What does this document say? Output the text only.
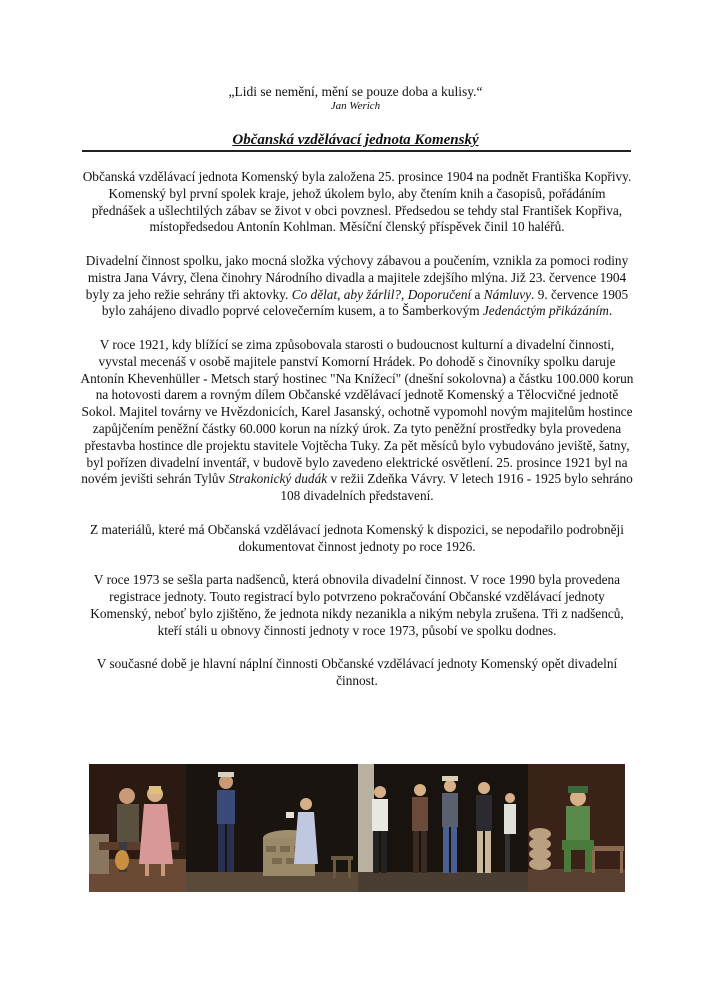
„Lidi se nemění, mění se pouze doba a kulisy.“
Jan Werich
Občanská vzdělávací jednota Komenský

Občanská vzdělávací jednota Komenský byla založena 25. prosince 1904 na podnět Františka Kopřivy. Komenský byl první spolek kraje, jehož úkolem bylo, aby čtením knih a časopisů, pořádáním přednášek a ušlechtilých zábav se život v obci povznesl. Předsedou se tehdy stal František Kopřiva, místopředsedou Antonín Kohlman. Měsíční členský příspěvek činil 10 haléřů.

Divadelní činnost spolku, jako mocná složka výchovy zábavou a poučením, vznikla za pomoci rodiny mistra Jana Vávry, člena činohry Národního divadla a majitele zdejšího mlýna. Již 23. července 1904 byly za jeho režie sehrány tři aktovky. Co dělat, aby žárlil?, Doporučení a Námluvy. 9. července 1905 bylo zahájeno divadlo poprvé celovečerním kusem, a to Šamberkovým Jedenáctým přikázáním.

V roce 1921, kdy blížící se zima způsobovala starosti o budoucnost kulturní a divadelní činnosti, vyvstal mecenáš v osobě majitele panství Komorní Hrádek. Po dohodě s činovníky spolku daruje Antonín Khevenhüller - Metsch starý hostinec "Na Knížecí" (dnešní sokolovna) a částku 100.000 korun na hotovosti darem a rovným dílem Občanské vzdělávací jednotě Komenský a Tělocvičné jednotě Sokol. Majitel továrny ve Hvězdonicích, Karel Jasanský, ochotně vypomohl novým majitelům hostince zapůjčením peněžní částky 60.000 korun na nízký úrok. Za tyto peněžní prostředky byla provedena přestavba hostince dle projektu stavitele Vojtěcha Tuky. Za pět měsíců bylo vybudováno jeviště, šatny, byl pořízen divadelní inventář, v budově bylo zavedeno elektrické osvětlení. 25. prosince 1921 byl na novém jevišti sehrán Tylův Strakonický dudák v režii Zdeňka Vávry. V letech 1916 - 1925 bylo sehráno 108 divadelních představení.

Z materiálů, které má Občanská vzdělávací jednota Komenský k dispozici, se nepodařilo podrobněji dokumentovat činnost jednoty po roce 1926.

V roce 1973 se sešla parta nadšenců, která obnovila divadelní činnost. V roce 1990 byla provedena registrace jednoty. Touto registrací bylo potvrzeno pokračování Občanské vzdělávací jednoty Komenský, neboť bylo zjištěno, že jednota nikdy nezanikla a nikým nebyla zrušena. Tři z nadšenců, kteří stáli u obnovy činnosti jednoty v roce 1973, působí ve spolku dodnes.

V současné době je hlavní náplní činnosti Občanské vzdělávací jednoty Komenský opět divadelní činnost.
